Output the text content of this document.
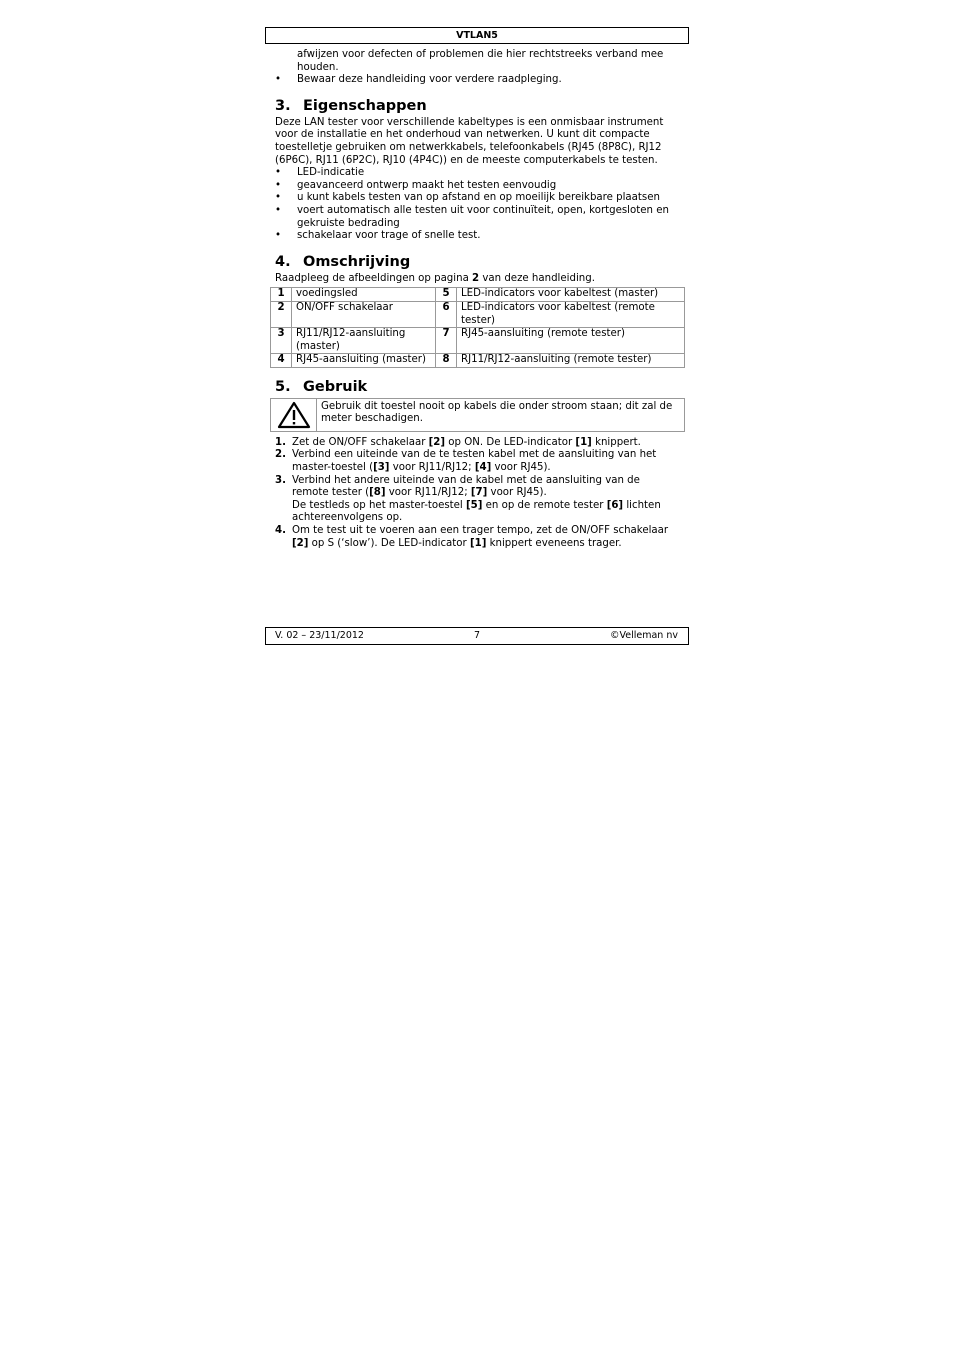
VTLAN5

afwijzen voor defecten of problemen die hier rechtstreeks verband mee houden.

• Bewaar deze handleiding voor verdere raadpleging.
3. Eigenschappen

Deze LAN tester voor verschillende kabeltypes is een onmisbaar instrument voor de installatie en het onderhoud van netwerken. U kunt dit compacte toestelletje gebruiken om netwerkkabels, telefoonkabels (RJ45 (8P8C), RJ12 (6P6C), RJ11 (6P2C), RJ10 (4P4C)) en de meeste computerkabels te testen.

• LED-indicatie
• geavanceerd ontwerp maakt het testen eenvoudig
• u kunt kabels testen van op afstand en op moeilijk bereikbare plaatsen
• voert automatisch alle testen uit voor continuïteit, open, kortgesloten en gekruiste bedrading
• schakelaar voor trage of snelle test.
4. Omschrijving

Raadpleeg de afbeeldingen op pagina 2 van deze handleiding.

1	voedingsled	5	LED-indicators voor kabeltest (master)
2	ON/OFF schakelaar	6	LED-indicators voor kabeltest (remote tester)
3	RJ11/RJ12-aansluiting (master)	7	RJ45-aansluiting (remote tester)
4	RJ45-aansluiting (master)	8	RJ11/RJ12-aansluiting (remote tester)
5. Gebruik
Gebruik dit toestel nooit op kabels die onder stroom staan; dit zal de meter beschadigen.
1. Zet de ON/OFF schakelaar [2] op ON. De LED-indicator [1] knippert.
2. Verbind een uiteinde van de te testen kabel met de aansluiting van het master-toestel ([3] voor RJ11/RJ12; [4] voor RJ45).
3. Verbind het andere uiteinde van de kabel met de aansluiting van de remote tester ([8] voor RJ11/RJ12; [7] voor RJ45).
De testleds op het master-toestel [5] en op de remote tester [6] lichten achtereenvolgens op.
4. Om te test uit te voeren aan een trager tempo, zet de ON/OFF schakelaar [2] op S (‘slow’). De LED-indicator [1] knippert eveneens trager.
V. 02 – 23/11/2012	7	©Velleman nv
